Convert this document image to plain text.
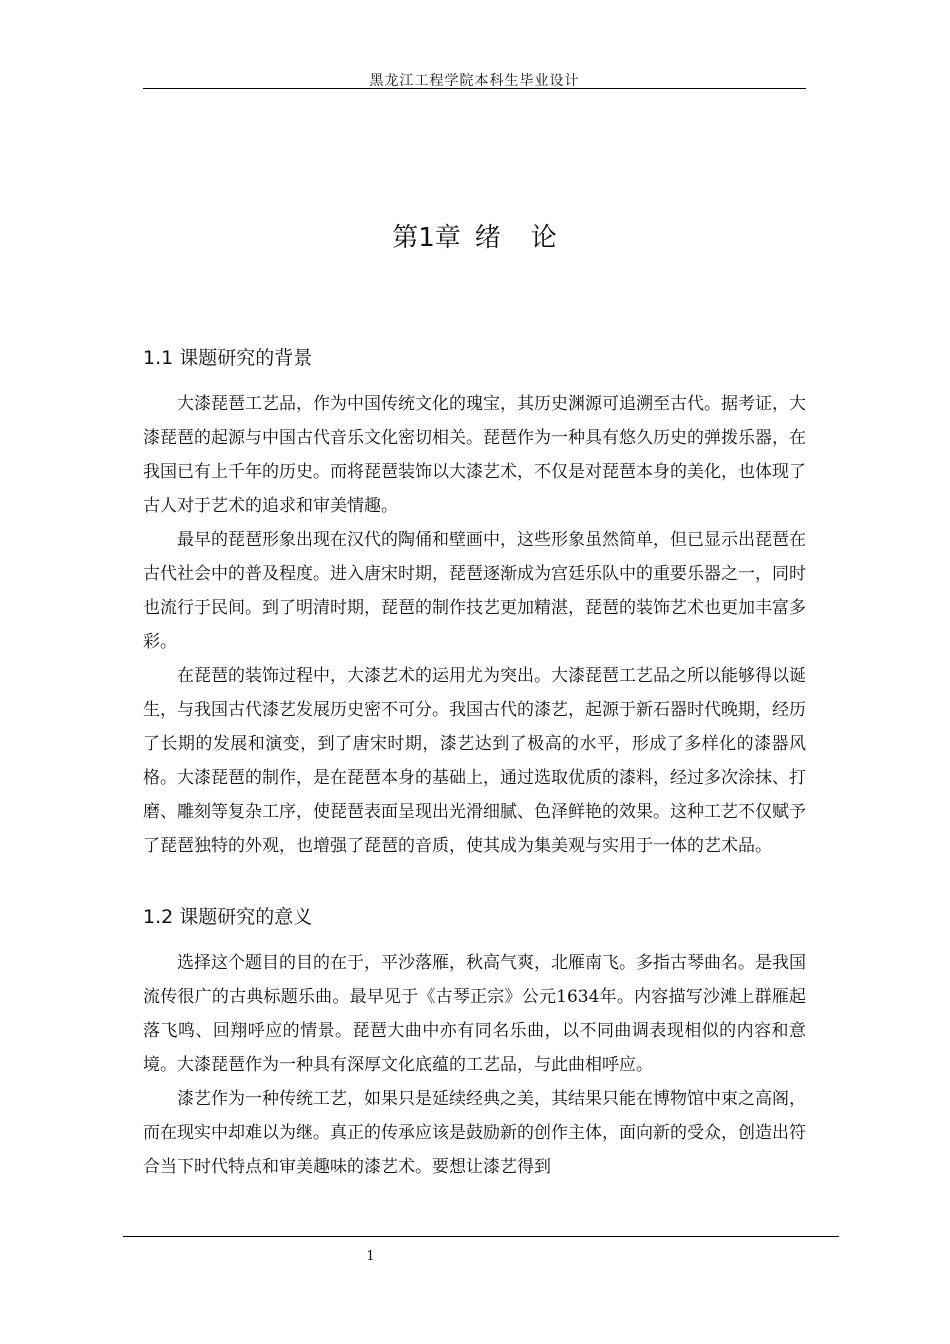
黑龙江工程学院本科生毕业设计
第1章 绪 论
1.1 课题研究的背景

大漆琵琶工艺品，作为中国传统文化的瑰宝，其历史渊源可追溯至古代。据考证，大漆琵琶的起源与中国古代音乐文化密切相关。琵琶作为一种具有悠久历史的弹拨乐器，在我国已有上千年的历史。而将琵琶装饰以大漆艺术，不仅是对琵琶本身的美化，也体现了古人对于艺术的追求和审美情趣。

最早的琵琶形象出现在汉代的陶俑和壁画中，这些形象虽然简单，但已显示出琵琶在古代社会中的普及程度。进入唐宋时期，琵琶逐渐成为宫廷乐队中的重要乐器之一，同时也流行于民间。到了明清时期，琵琶的制作技艺更加精湛，琵琶的装饰艺术也更加丰富多彩。

在琵琶的装饰过程中，大漆艺术的运用尤为突出。大漆琵琶工艺品之所以能够得以诞生，与我国古代漆艺发展历史密不可分。我国古代的漆艺，起源于新石器时代晚期，经历了长期的发展和演变，到了唐宋时期，漆艺达到了极高的水平，形成了多样化的漆器风格。大漆琵琶的制作，是在琵琶本身的基础上，通过选取优质的漆料，经过多次涂抹、打磨、雕刻等复杂工序，使琵琶表面呈现出光滑细腻、色泽鲜艳的效果。这种工艺不仅赋予了琵琶独特的外观，也增强了琵琶的音质，使其成为集美观与实用于一体的艺术品。

1.2 课题研究的意义

选择这个题目的目的在于，平沙落雁，秋高气爽，北雁南飞。多指古琴曲名。是我国流传很广的古典标题乐曲。最早见于《古琴正宗》公元1634年。内容描写沙滩上群雁起落飞鸣、回翔呼应的情景。琵琶大曲中亦有同名乐曲，以不同曲调表现相似的内容和意境。大漆琵琶作为一种具有深厚文化底蕴的工艺品，与此曲相呼应。

漆艺作为一种传统工艺，如果只是延续经典之美，其结果只能在博物馆中束之高阁，而在现实中却难以为继。真正的传承应该是鼓励新的创作主体，面向新的受众，创造出符合当下时代特点和审美趣味的漆艺术。要想让漆艺得到

1
